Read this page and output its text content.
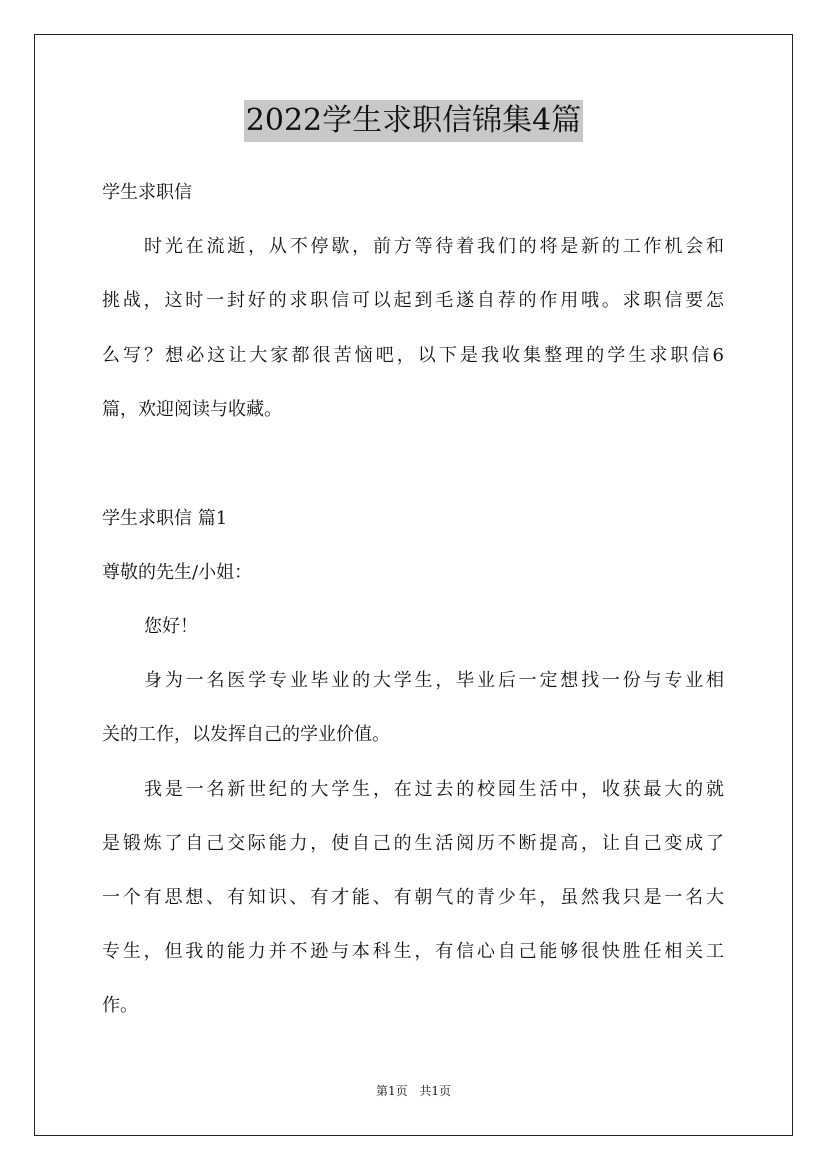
2022学生求职信锦集4篇
学生求职信
时光在流逝，从不停歇，前方等待着我们的将是新的工作机会和
挑战，这时一封好的求职信可以起到毛遂自荐的作用哦。求职信要怎
么写？想必这让大家都很苦恼吧，以下是我收集整理的学生求职信6
篇，欢迎阅读与收藏。
学生求职信 篇1
尊敬的先生/小姐：
您好！
身为一名医学专业毕业的大学生，毕业后一定想找一份与专业相
关的工作，以发挥自己的学业价值。
我是一名新世纪的大学生，在过去的校园生活中，收获最大的就
是锻炼了自己交际能力，使自己的生活阅历不断提高，让自己变成了
一个有思想、有知识、有才能、有朝气的青少年，虽然我只是一名大
专生，但我的能力并不逊与本科生，有信心自己能够很快胜任相关工
作。
第1页 共1页
